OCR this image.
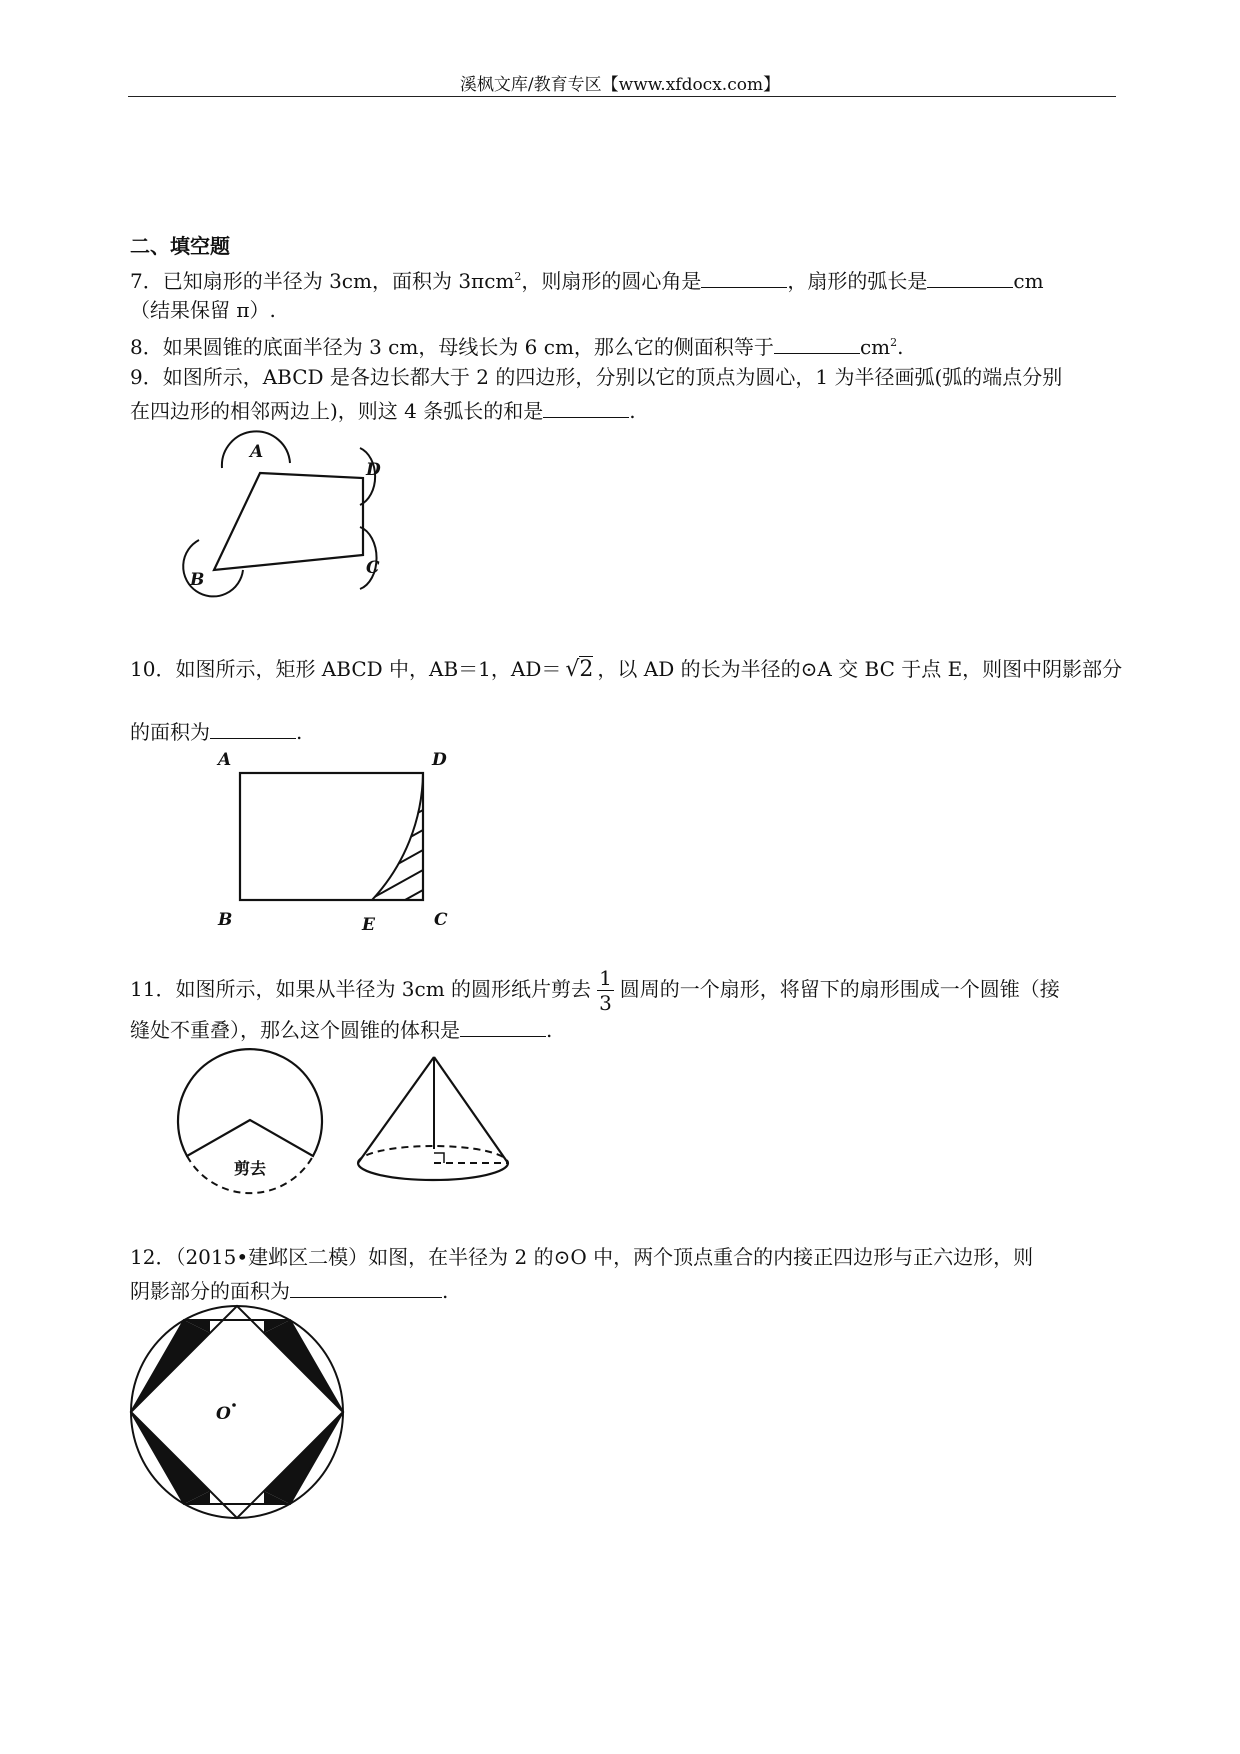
溪枫文库/教育专区【www.xfdocx.com】
二、填空题
7．已知扇形的半径为 3cm，面积为 3πcm$^2$，则扇形的圆心角是	，扇形的弧长是	cm
（结果保留 π）.
8．如果圆锥的底面半径为 3 cm，母线长为 6 cm，那么它的侧面积等于	$cm^2$.
9．如图所示，ABCD 是各边长都大于 2 的四边形，分别以它的顶点为圆心，1 为半径画弧(弧的端点分别
在四边形的相邻两边上)，则这 4 条弧长的和是	.
A
D
C
B
10．如图所示，矩形 ABCD 中，AB＝1，AD＝ √2 ，以 AD 的长为半径的⊙A 交 BC 于点 E，则图中阴影部分
的面积为	.
A	D
B	E	C
11．如图所示，如果从半径为 3cm 的圆形纸片剪去 $\frac{1}{3}$ 圆周的一个扇形，将留下的扇形围成一个圆锥（接
缝处不重叠），那么这个圆锥的体积是	.
剪去
12．（2015•建邺区二模）如图，在半径为 2 的⊙O 中，两个顶点重合的内接正四边形与正六边形，则
阴影部分的面积为	.
O
